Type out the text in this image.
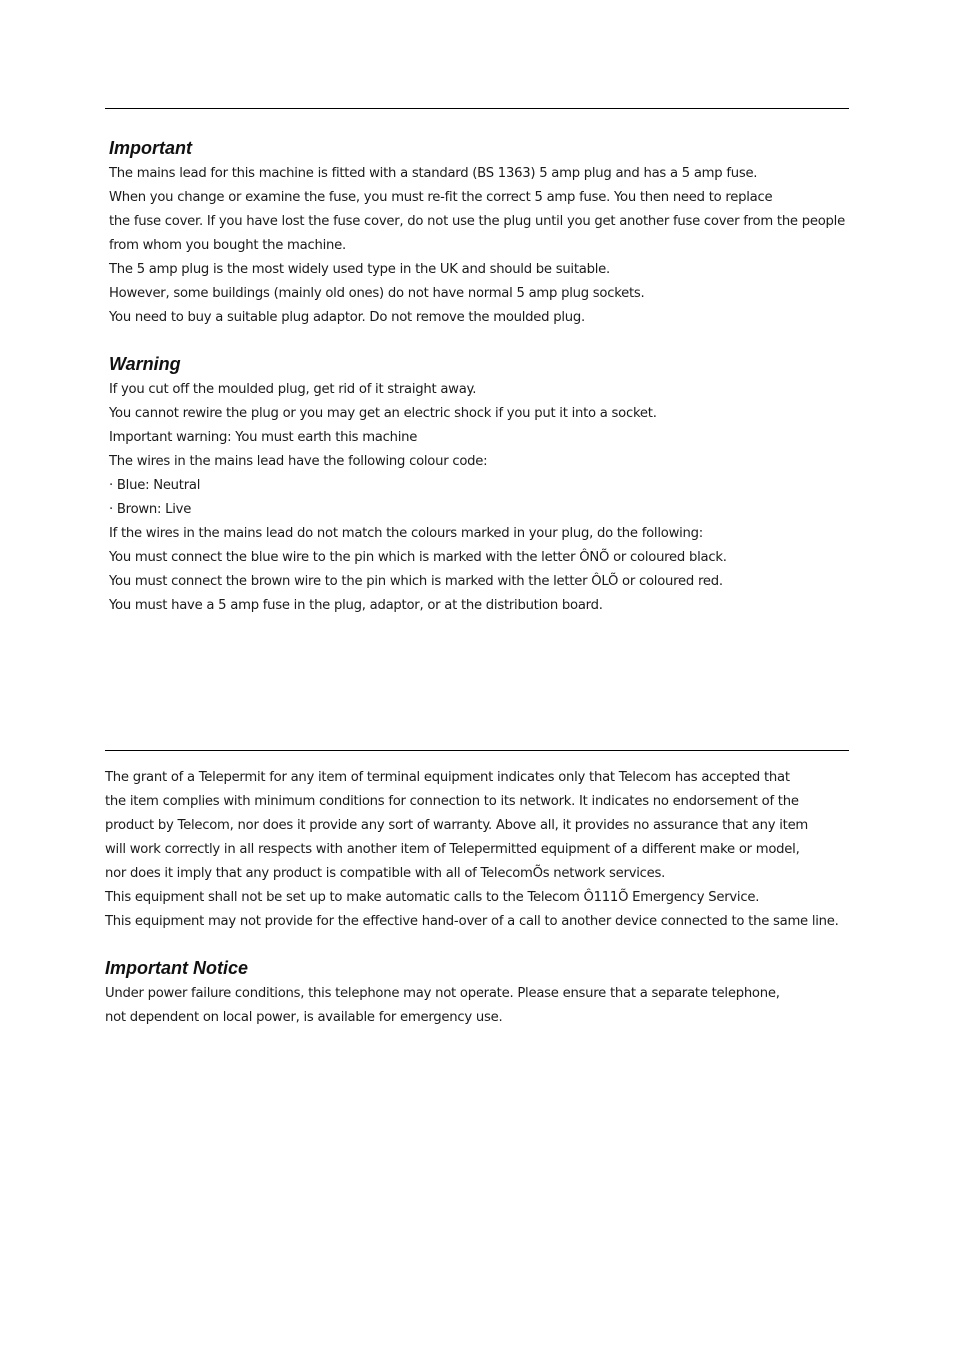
Important
The mains lead for this machine is fitted with a standard (BS 1363) 5 amp plug and has a 5 amp fuse.
When you change or examine the fuse, you must re-fit the correct 5 amp fuse. You then need to replace
the fuse cover. If you have lost the fuse cover, do not use the plug until you get another fuse cover from the people
from whom you bought the machine.
The 5 amp plug is the most widely used type in the UK and should be suitable.
However, some buildings (mainly old ones) do not have normal 5 amp plug sockets.
You need to buy a suitable plug adaptor. Do not remove the moulded plug.
Warning
If you cut off the moulded plug, get rid of it straight away.
You cannot rewire the plug or you may get an electric shock if you put it into a socket.
Important warning: You must earth this machine
The wires in the mains lead have the following colour code:
· Blue: Neutral
· Brown: Live
If the wires in the mains lead do not match the colours marked in your plug, do the following:
You must connect the blue wire to the pin which is marked with the letter ÔNÕ or coloured black.
You must connect the brown wire to the pin which is marked with the letter ÔLÕ or coloured red.
You must have a 5 amp fuse in the plug, adaptor, or at the distribution board.
The grant of a Telepermit for any item of terminal equipment indicates only that Telecom has accepted that
the item complies with minimum conditions for connection to its network. It indicates no endorsement of the
product by Telecom, nor does it provide any sort of warranty. Above all, it provides no assurance that any item
will work correctly in all respects with another item of Telepermitted equipment of a different make or model,
nor does it imply that any product is compatible with all of TelecomÕs network services.
This equipment shall not be set up to make automatic calls to the Telecom Ô111Õ Emergency Service.
This equipment may not provide for the effective hand-over of a call to another device connected to the same line.
Important Notice
Under power failure conditions, this telephone may not operate. Please ensure that a separate telephone,
not dependent on local power, is available for emergency use.
